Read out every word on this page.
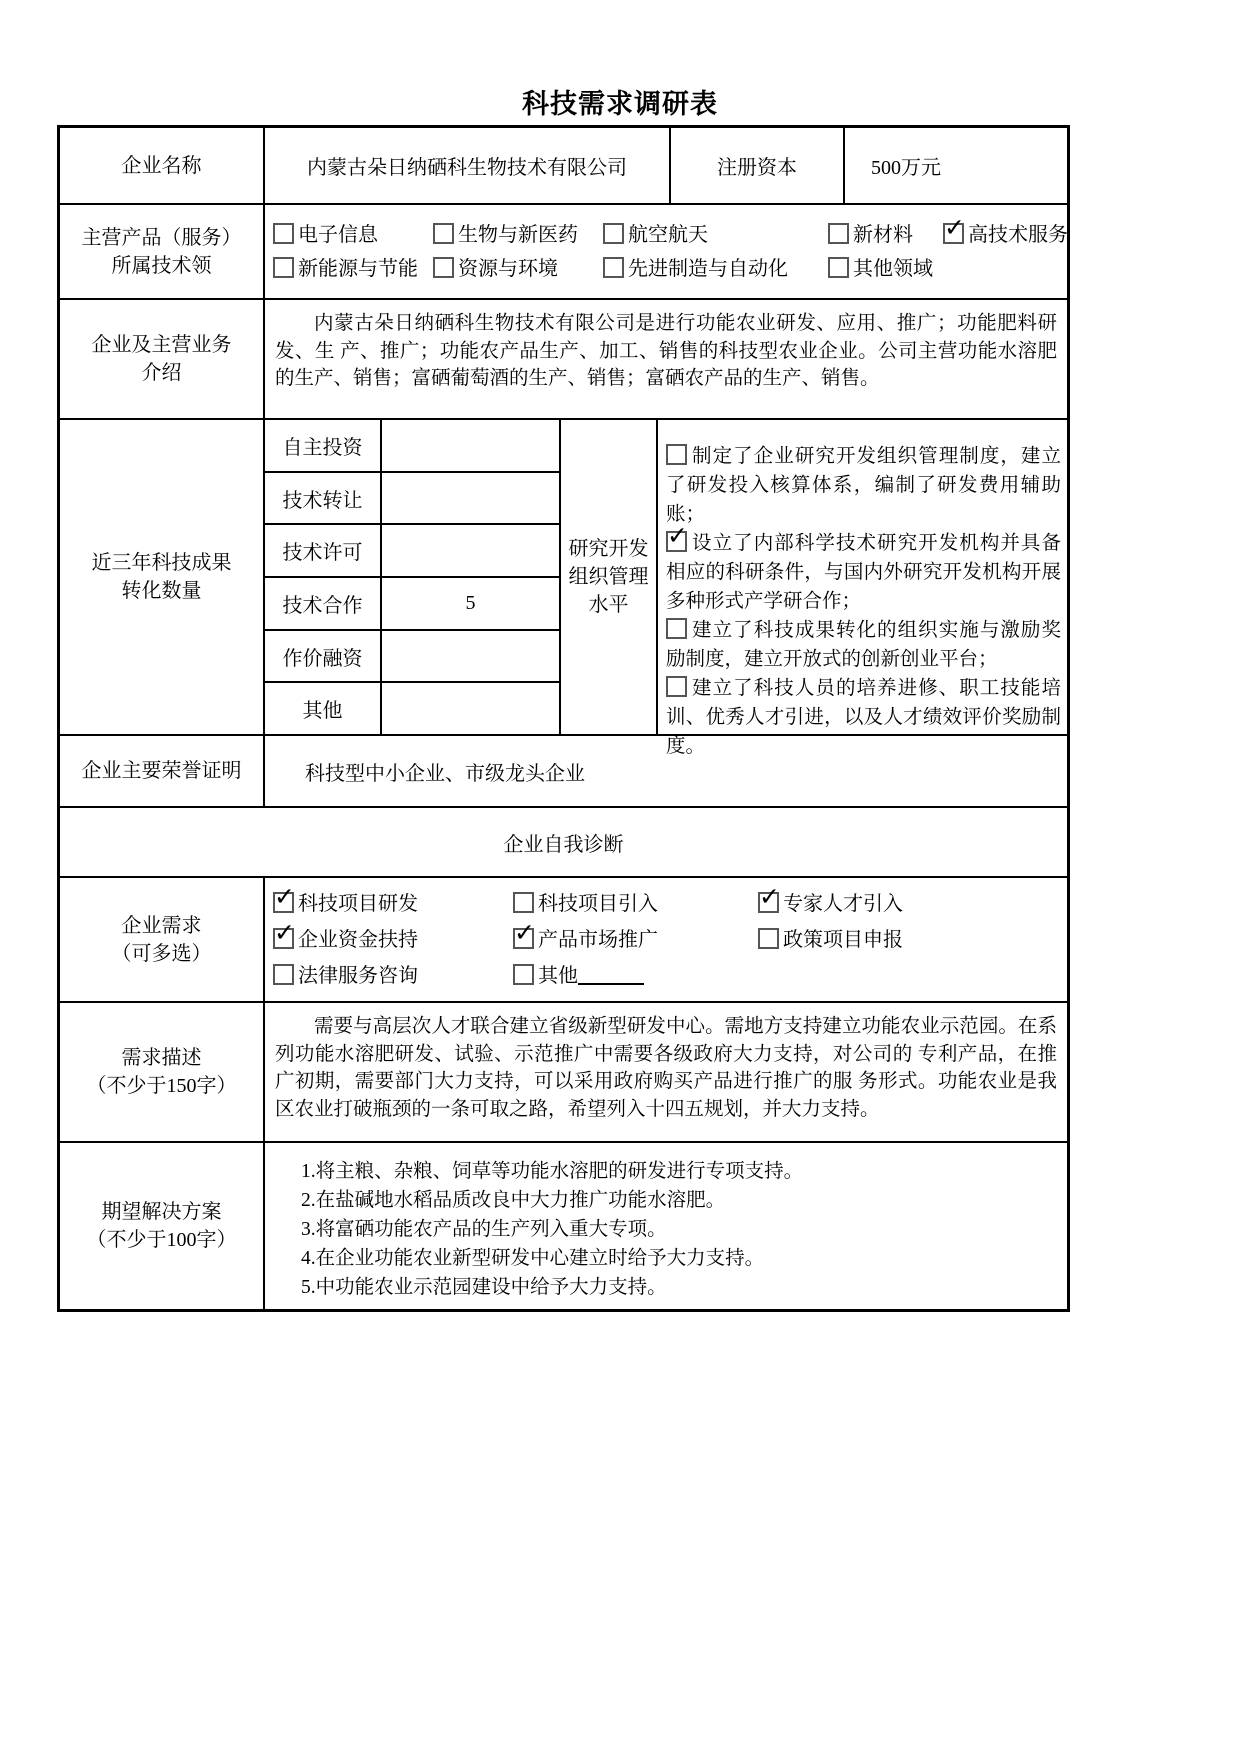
科技需求调研表
企业名称	内蒙古朵日纳硒科生物技术有限公司	注册资本	500万元
主营产品（服务）
所属技术领
电子信息	生物与新医药	航空航天	新材料 ✓	高技术服务
新能源与节能	资源与环境	先进制造与自动化	其他领域
企业及主营业务
介绍

内蒙古朵日纳硒科生物技术有限公司是进行功能农业研发、应用、推广；功能肥料研发、生 产、推广；功能农产品生产、加工、销售的科技型农业企业。公司主营功能水溶肥的生产、销售；富硒葡萄酒的生产、销售；富硒农产品的生产、销售。

近三年科技成果
转化数量
自主投资
技术转让
技术许可
技术合作	5
作价融资
其他
研究开发组织管理水平

制定了企业研究开发组织管理制度，建立了研发投入核算体系，编制了研发费用辅助账；

✓设立了内部科学技术研究开发机构并具备相应的科研条件，与国内外研究开发机构开展多种形式产学研合作；

建立了科技成果转化的组织实施与激励奖励制度，建立开放式的创新创业平台；

建立了科技人员的培养进修、职工技能培训、优秀人才引进，以及人才绩效评价奖励制度。

企业主要荣誉证明	科技型中小企业、市级龙头企业
企业自我诊断
企业需求
（可多选）
✓科技项目研发	科技项目引入 ✓	专家人才引入
✓企业资金扶持 ✓	产品市场推广	政策项目申报
法律服务咨询	其他
需求描述
（不少于150字）

需要与高层次人才联合建立省级新型研发中心。需地方支持建立功能农业示范园。在系列功能水溶肥研发、试验、示范推广中需要各级政府大力支持，对公司的 专利产品，在推广初期，需要部门大力支持，可以采用政府购买产品进行推广的服 务形式。功能农业是我区农业打破瓶颈的一条可取之路，希望列入十四五规划，并大力支持。

期望解决方案
（不少于100字）
1.将主粮、杂粮、饲草等功能水溶肥的研发进行专项支持。
2.在盐碱地水稻品质改良中大力推广功能水溶肥。
3.将富硒功能农产品的生产列入重大专项。
4.在企业功能农业新型研发中心建立时给予大力支持。
5.中功能农业示范园建设中给予大力支持。
